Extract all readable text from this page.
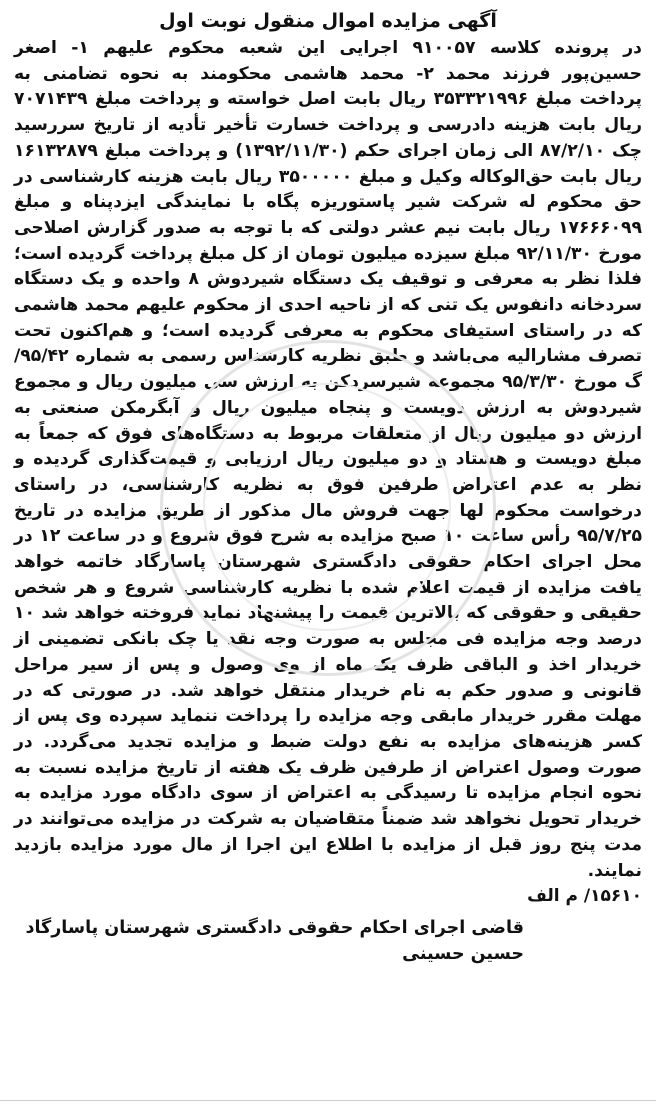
آگهی مزایده اموال منقول نوبت اول

در پرونده کلاسه ۹۱۰۰۵۷ اجرایی این شعبه محکوم علیهم ۱- اصغر حسین‌پور فرزند محمد ۲- محمد هاشمی محکومند به نحوه تضامنی به پرداخت مبلغ ۳۵۳۳۲۱۹۹۶ ریال بابت اصل خواسته و پرداخت مبلغ ۷۰۷۱۴۳۹ ریال بابت هزینه دادرسی و پرداخت خسارت تأخیر تأدیه از تاریخ سررسید چک ۸۷/۲/۱۰ الی زمان اجرای حکم (۱۳۹۲/۱۱/۳۰) و پرداخت مبلغ ۱۶۱۳۲۸۷۹ ریال بابت حق‌الوکاله وکیل و مبلغ ۳۵۰۰۰۰۰ ریال بابت هزینه کارشناسی در حق محکوم له شرکت شیر پاستوریزه پگاه با نمایندگی ایزدپناه و مبلغ ۱۷۶۶۶۰۹۹ ریال بابت نیم عشر دولتی که با توجه به صدور گزارش اصلاحی مورخ ۹۲/۱۱/۳۰ مبلغ سیزده میلیون تومان از کل مبلغ پرداخت گردیده است؛ فلذا نظر به معرفی و توقیف یک دستگاه شیردوش ۸ واحده و یک دستگاه سردخانه دانفوس یک تنی که از ناحیه احدی از محکوم علیهم محمد هاشمی که در راستای استیفای محکوم به معرفی گردیده است؛ و هم‌اکنون تحت تصرف مشارالیه می‌باشد و طبق نظریه کارشناس رسمی به شماره ۹۵/۴۲/گ مورخ ۹۵/۳/۳۰ مجموعه شیرسردکن به ارزش سی میلیون ریال و مجموع شیردوش به ارزش دویست و پنجاه میلیون ریال و آبگرمکن صنعتی به ارزش دو میلیون ریال از متعلقات مربوط به دستگاه‌های فوق که جمعاً به مبلغ دویست و هشتاد و دو میلیون ریال ارزیابی و قیمت‌گذاری گردیده و نظر به عدم اعتراض طرفین فوق به نظریه کارشناسی، در راستای درخواست محکوم لها جهت فروش مال مذکور از طریق مزایده در تاریخ ۹۵/۷/۲۵ رأس ساعت ۱۰ صبح مزایده به شرح فوق شروع و در ساعت ۱۲ در محل اجرای احکام حقوقی دادگستری شهرستان پاسارگاد خاتمه خواهد یافت مزایده از قیمت اعلام شده با نظریه کارشناسی شروع و هر شخص حقیقی و حقوقی که بالاترین قیمت را پیشنهاد نماید فروخته خواهد شد ۱۰ درصد وجه مزایده فی مجلس به صورت وجه نقد یا چک بانکی تضمینی از خریدار اخذ و الباقی ظرف یک ماه از وی وصول و پس از سیر مراحل قانونی و صدور حکم به نام خریدار منتقل خواهد شد. در صورتی که در مهلت مقرر خریدار مابقی وجه مزایده را پرداخت ننماید سپرده وی پس از کسر هزینه‌های مزایده به نفع دولت ضبط و مزایده تجدید می‌گردد. در صورت وصول اعتراض از طرفین ظرف یک هفته از تاریخ مزایده نسبت به نحوه انجام مزایده تا رسیدگی به اعتراض از سوی دادگاه مورد مزایده به خریدار تحویل نخواهد شد ضمناً متقاضیان به شرکت در مزایده می‌توانند در مدت پنج روز قبل از مزایده با اطلاع این اجرا از مال مورد مزایده بازدید نمایند.

۱۵۶۱۰/ م الف

قاضی اجرای احکام حقوقی دادگستری شهرستان پاسارگاد
حسین حسینی
